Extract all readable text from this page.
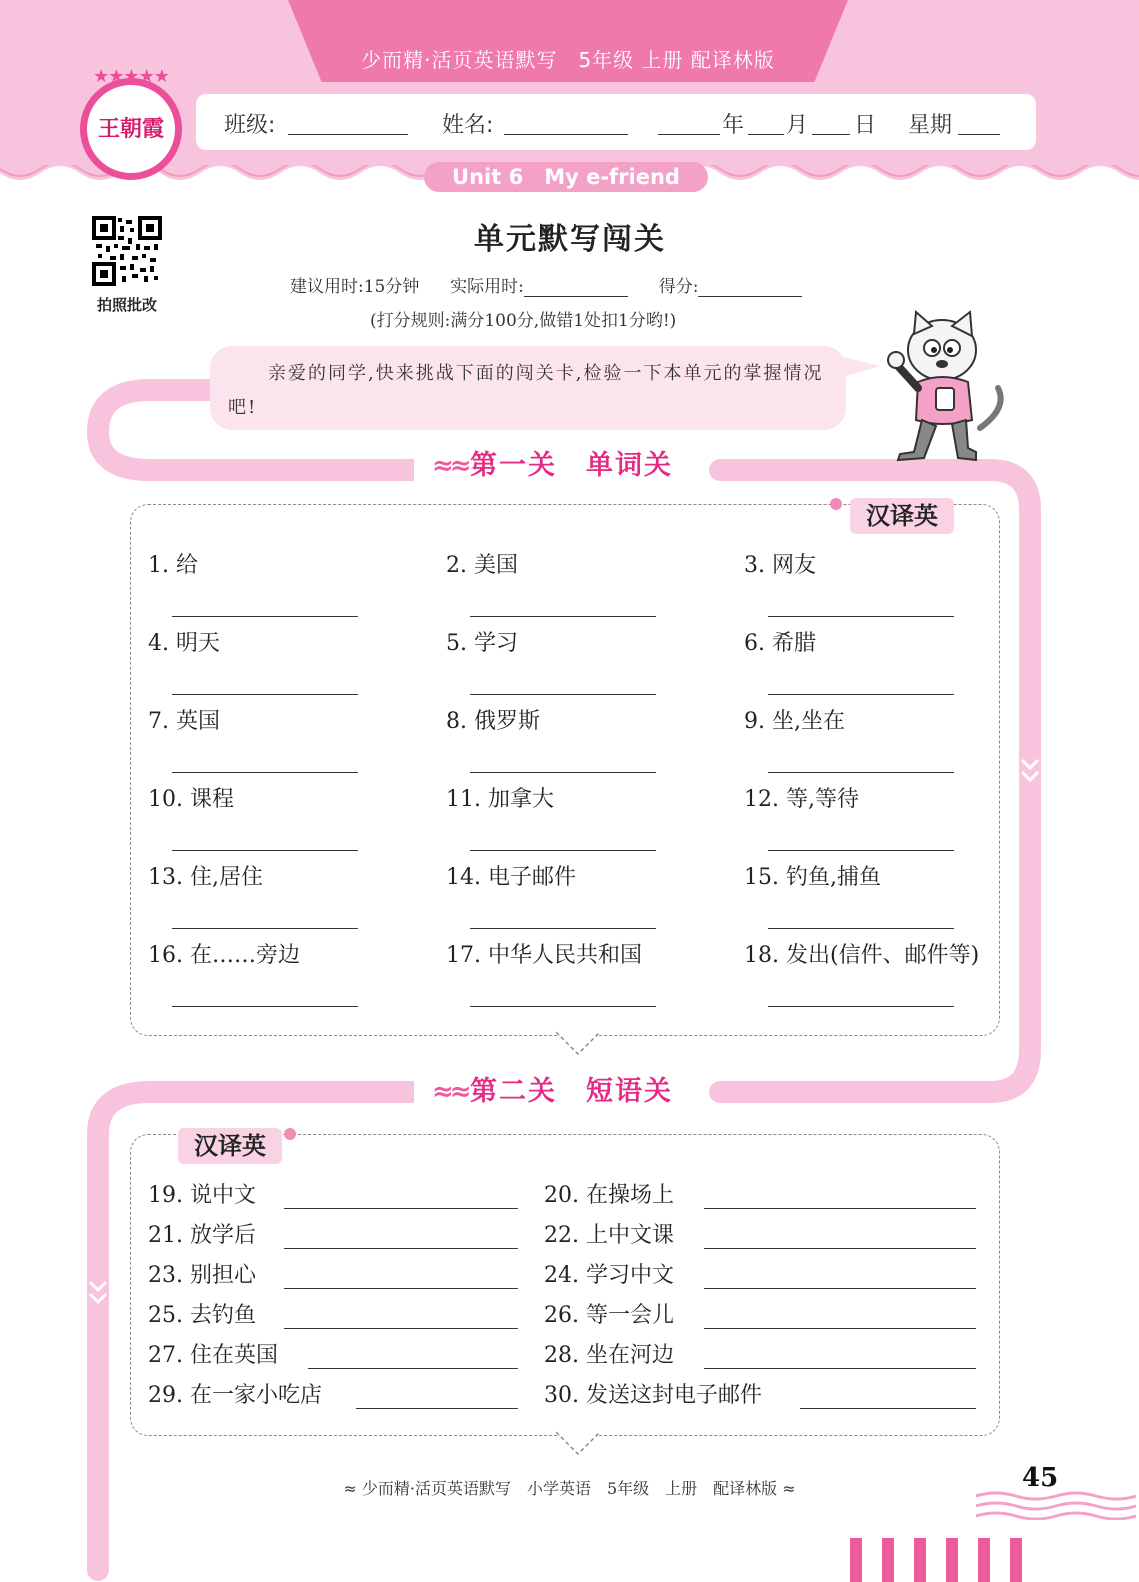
少而精·活页英语默写　5年级 上册 配译林版
班级:	姓名:	年 月 日 星期
★★★★★
王朝霞
Unit 6　My e-friend
拍照批改
单元默写闯关
建议用时:15分钟 实际用时:	得分:
(打分规则:满分100分,做错1处扣1分哟!)
亲爱的同学,快来挑战下面的闯关卡,检验一下本单元的掌握情况吧!
≈≈ 第一关　单词关
汉译英
1. 给	2. 美国	3. 网友
4. 明天	5. 学习	6. 希腊
7. 英国	8. 俄罗斯	9. 坐,坐在
10. 课程	11. 加拿大	12. 等,等待
13. 住,居住	14. 电子邮件	15. 钓鱼,捕鱼
16. 在……旁边	17. 中华人民共和国	18. 发出(信件、邮件等)
≈≈ 第二关　短语关
汉译英
19. 说中文	20. 在操场上
21. 放学后	22. 上中文课
23. 别担心	24. 学习中文
25. 去钓鱼	26. 等一会儿
27. 住在英国	28. 坐在河边
29. 在一家小吃店	30. 发送这封电子邮件
≈ 少而精·活页英语默写　小学英语　5年级　上册　配译林版 ≈	45
